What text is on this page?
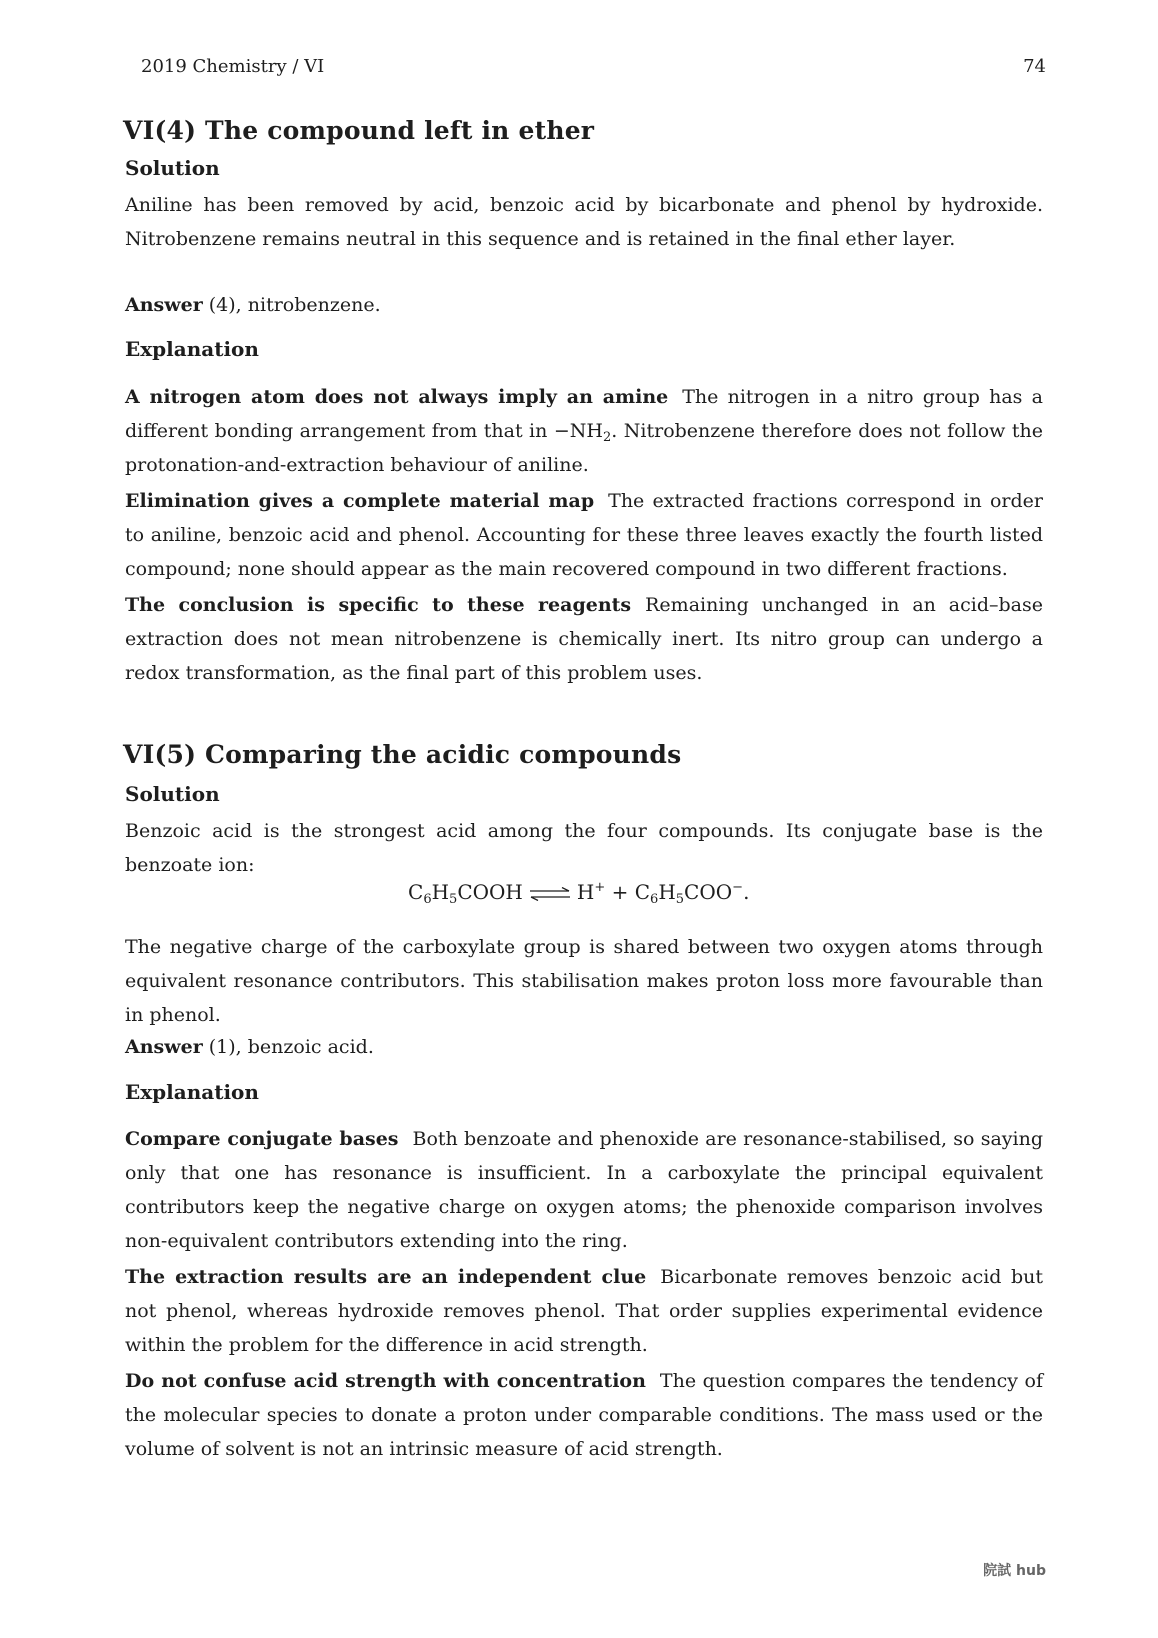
2019 Chemistry / VI	74
VI(4) The compound left in ether
Solution

Aniline has been removed by acid, benzoic acid by bicarbonate and phenol by hydroxide. Nitrobenzene remains neutral in this sequence and is retained in the final ether layer.

Answer (4), nitrobenzene.

Explanation

A nitrogen atom does not always imply an amine The nitrogen in a nitro group has a different bonding arrangement from that in $-NH_2$. Nitrobenzene therefore does not follow the protonation-and-extraction behaviour of aniline.

Elimination gives a complete material map The extracted fractions correspond in order to aniline, benzoic acid and phenol. Accounting for these three leaves exactly the fourth listed compound; none should appear as the main recovered compound in two different fractions.

The conclusion is specific to these reagents Remaining unchanged in an acid–base extraction does not mean nitrobenzene is chemically inert. Its nitro group can undergo a redox transformation, as the final part of this problem uses.

VI(5) Comparing the acidic compounds
Solution

Benzoic acid is the strongest acid among the four compounds. Its conjugate base is the benzoate ion:

$C_6H_5COOH$ ⇌ $H^+ + C_6H_5COO^-$.

The negative charge of the carboxylate group is shared between two oxygen atoms through equivalent resonance contributors. This stabilisation makes proton loss more favourable than in phenol.

Answer (1), benzoic acid.

Explanation

Compare conjugate bases Both benzoate and phenoxide are resonance-stabilised, so saying only that one has resonance is insufficient. In a carboxylate the principal equivalent contributors keep the negative charge on oxygen atoms; the phenoxide comparison involves non-equivalent contributors extending into the ring.

The extraction results are an independent clue Bicarbonate removes benzoic acid but not phenol, whereas hydroxide removes phenol. That order supplies experimental evidence within the problem for the difference in acid strength.

Do not confuse acid strength with concentration The question compares the tendency of the molecular species to donate a proton under comparable conditions. The mass used or the volume of solvent is not an intrinsic measure of acid strength.

院試 hub
